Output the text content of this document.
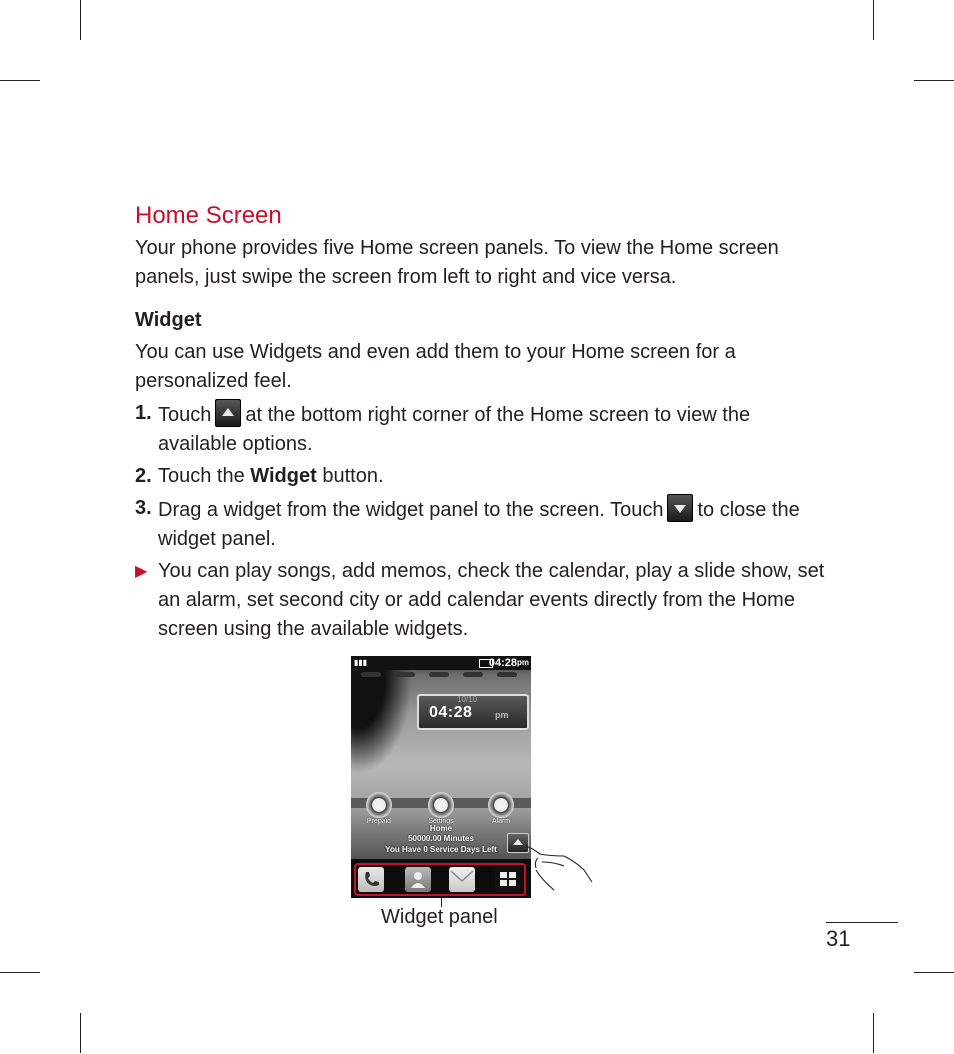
Home Screen

Your phone provides five Home screen panels. To view the Home screen panels, just swipe the screen from left to right and vice versa.

Widget

You can use Widgets and even add them to your Home screen for a personalized feel.

1. Touch at the bottom right corner of the Home screen to view the available options.
2. Touch the Widget button.
3. Drag a widget from the widget panel to the screen. Touch to close the widget panel.
▶ You can play songs, add memos, check the calendar, play a slide show, set an alarm, set second city or add calendar events directly from the Home screen using the available widgets.
▮▮▮	$04:28^{pm}$
10/10
04:28	pm
Prepaid	Settings	Alarm
Home
50000.00 Minutes
You Have 0 Service Days Left
Widget panel
31
